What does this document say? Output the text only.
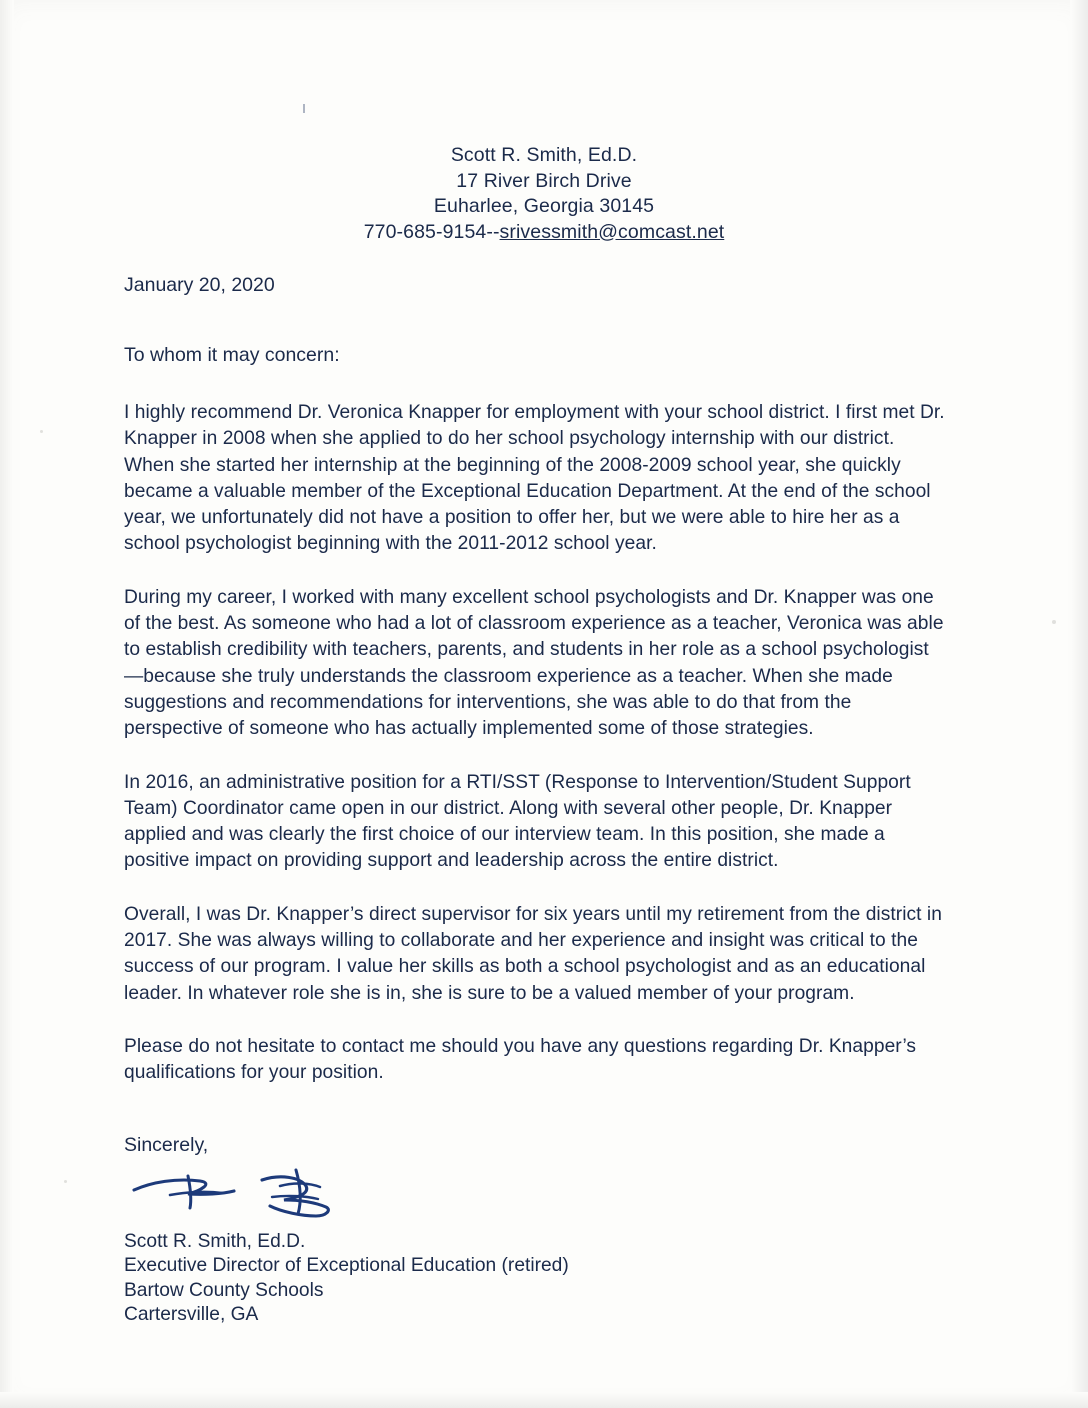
Scott R. Smith, Ed.D.
17 River Birch Drive
Euharlee, Georgia 30145
770-685-9154--srivessmith@comcast.net
January 20, 2020
To whom it may concern:

I highly recommend Dr. Veronica Knapper for employment with your school district. I first met Dr. Knapper in 2008 when she applied to do her school psychology internship with our district. When she started her internship at the beginning of the 2008-2009 school year, she quickly became a valuable member of the Exceptional Education Department. At the end of the school year, we unfortunately did not have a position to offer her, but we were able to hire her as a school psychologist beginning with the 2011-2012 school year.

During my career, I worked with many excellent school psychologists and Dr. Knapper was one of the best. As someone who had a lot of classroom experience as a teacher, Veronica was able to establish credibility with teachers, parents, and students in her role as a school psychologist—because she truly understands the classroom experience as a teacher. When she made suggestions and recommendations for interventions, she was able to do that from the perspective of someone who has actually implemented some of those strategies.

In 2016, an administrative position for a RTI/SST (Response to Intervention/Student Support Team) Coordinator came open in our district. Along with several other people, Dr. Knapper applied and was clearly the first choice of our interview team. In this position, she made a positive impact on providing support and leadership across the entire district.

Overall, I was Dr. Knapper’s direct supervisor for six years until my retirement from the district in 2017. She was always willing to collaborate and her experience and insight was critical to the success of our program. I value her skills as both a school psychologist and as an educational leader. In whatever role she is in, she is sure to be a valued member of your program.

Please do not hesitate to contact me should you have any questions regarding Dr. Knapper’s qualifications for your position.

Sincerely,
Scott R. Smith, Ed.D.
Executive Director of Exceptional Education (retired)
Bartow County Schools
Cartersville, GA
